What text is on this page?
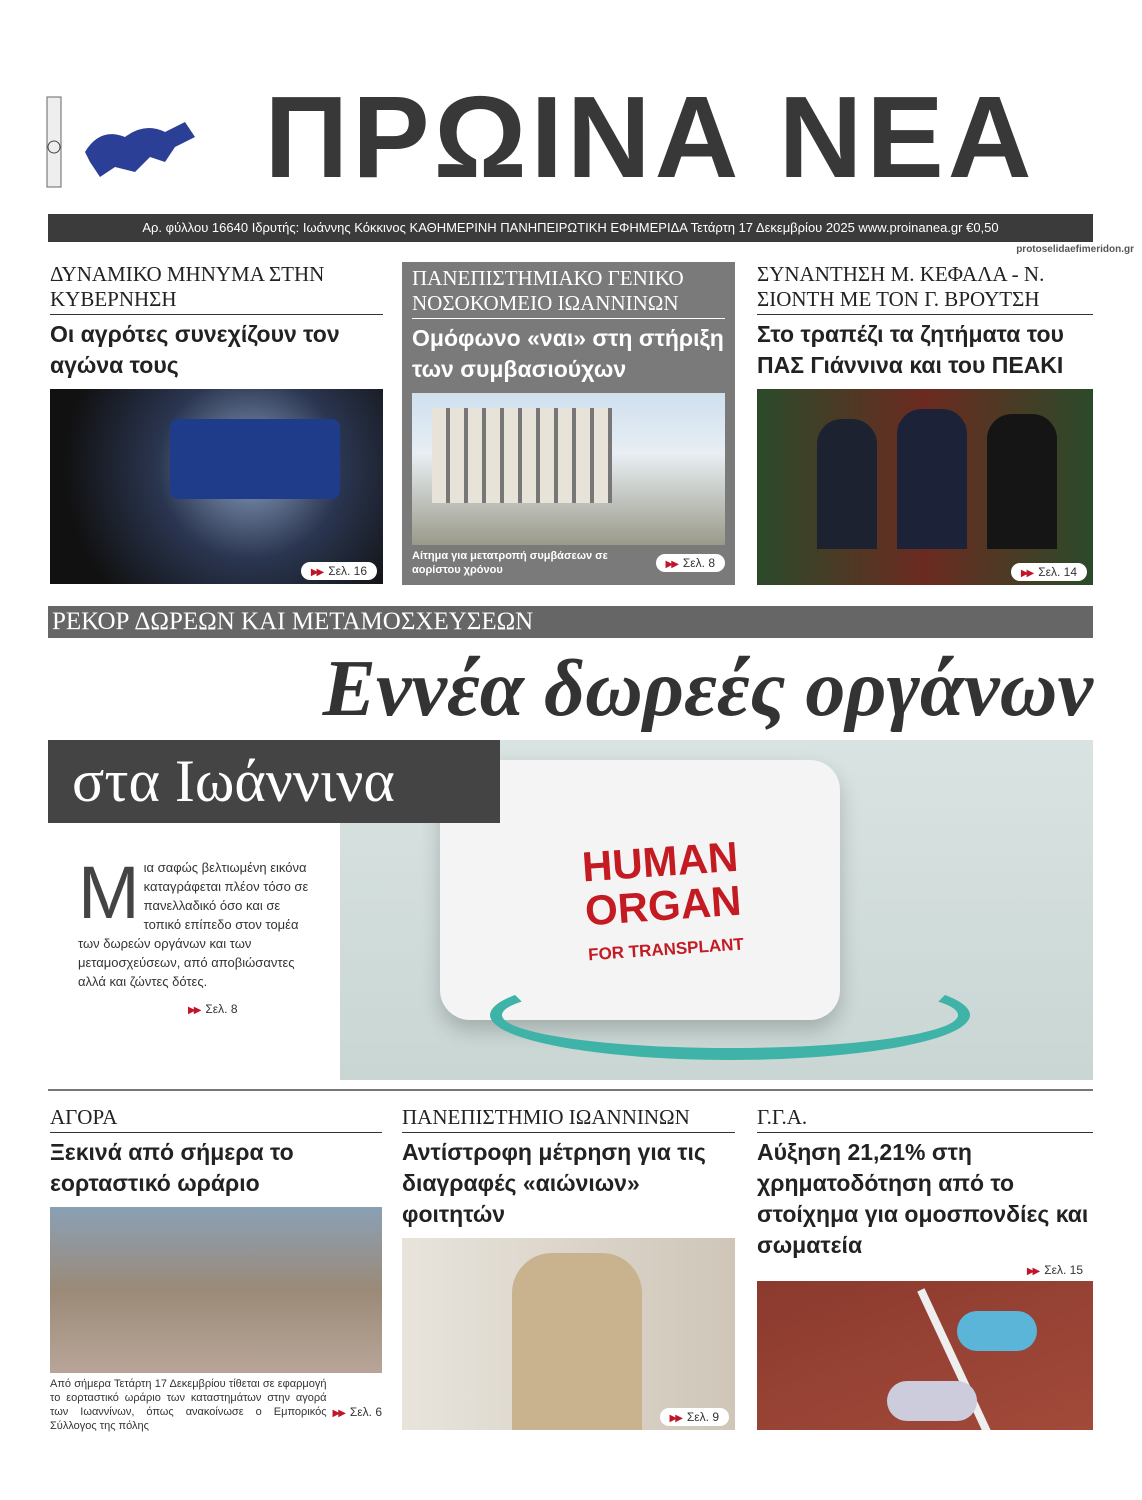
ΠΡΩΙΝΑ ΝΕΑ
Αρ. φύλλου 16640 Ιδρυτής: Ιωάννης Κόκκινος ΚΑΘΗΜΕΡΙΝΗ ΠΑΝΗΠΕΙΡΩΤΙΚΗ ΕΦΗΜΕΡΙΔΑ Τετάρτη 17 Δεκεμβρίου 2025 www.proinanea.gr €0,50
protoselidaefimeridon.gr
ΔΥΝΑΜΙΚΟ ΜΗΝΥΜΑ ΣΤΗΝ ΚΥΒΕΡΝΗΣΗ
Οι αγρότες συνεχίζουν τον αγώνα τους
▶▶ Σελ. 16
ΠΑΝΕΠΙΣΤΗΜΙΑΚΟ ΓΕΝΙΚΟ ΝΟΣΟΚΟΜΕΙΟ ΙΩΑΝΝΙΝΩΝ
Ομόφωνο «ναι» στη στήριξη των συμβασιούχων
Αίτημα για μετατροπή συμβάσεων σε αορίστου χρόνου	▶▶ Σελ. 8
ΣΥΝΑΝΤΗΣΗ Μ. ΚΕΦΑΛΑ - Ν. ΣΙΟΝΤΗ ΜΕ ΤΟΝ Γ. ΒΡΟΥΤΣΗ
Στο τραπέζι τα ζητήματα του ΠΑΣ Γιάννινα και του ΠΕΑΚΙ
▶▶ Σελ. 14
ΡΕΚΟΡ ΔΩΡΕΩΝ ΚΑΙ ΜΕΤΑΜΟΣΧΕΥΣΕΩΝ
Εννέα δωρεές οργάνων
HUMAN
ORGAN
FOR TRANSPLANT
στα Ιωάννινα
Μια σαφώς βελτιωμένη εικόνα καταγράφεται πλέον τόσο σε πανελλαδικό όσο και σε τοπικό επίπεδο στον τομέα των δωρεών οργάνων και των μεταμοσχεύσεων, από αποβιώσαντες αλλά και ζώντες δότες.
▶▶ Σελ. 8
ΑΓΟΡΑ
Ξεκινά από σήμερα το εορταστικό ωράριο
▶▶ Σελ. 6
Από σήμερα Τετάρτη 17 Δεκεμβρίου τίθεται σε εφαρμογή το εορταστικό ωράριο των καταστημάτων στην αγορά των Ιωαννίνων, όπως ανακοίνωσε ο Εμπορικός Σύλλογος της πόλης
ΠΑΝΕΠΙΣΤΗΜΙΟ ΙΩΑΝΝΙΝΩΝ
Αντίστροφη μέτρηση για τις διαγραφές «αιώνιων» φοιτητών
▶▶ Σελ. 9
Γ.Γ.Α.
Αύξηση 21,21% στη χρηματοδότηση από το στοίχημα για ομοσπονδίες και σωματεία
▶▶ Σελ. 15
